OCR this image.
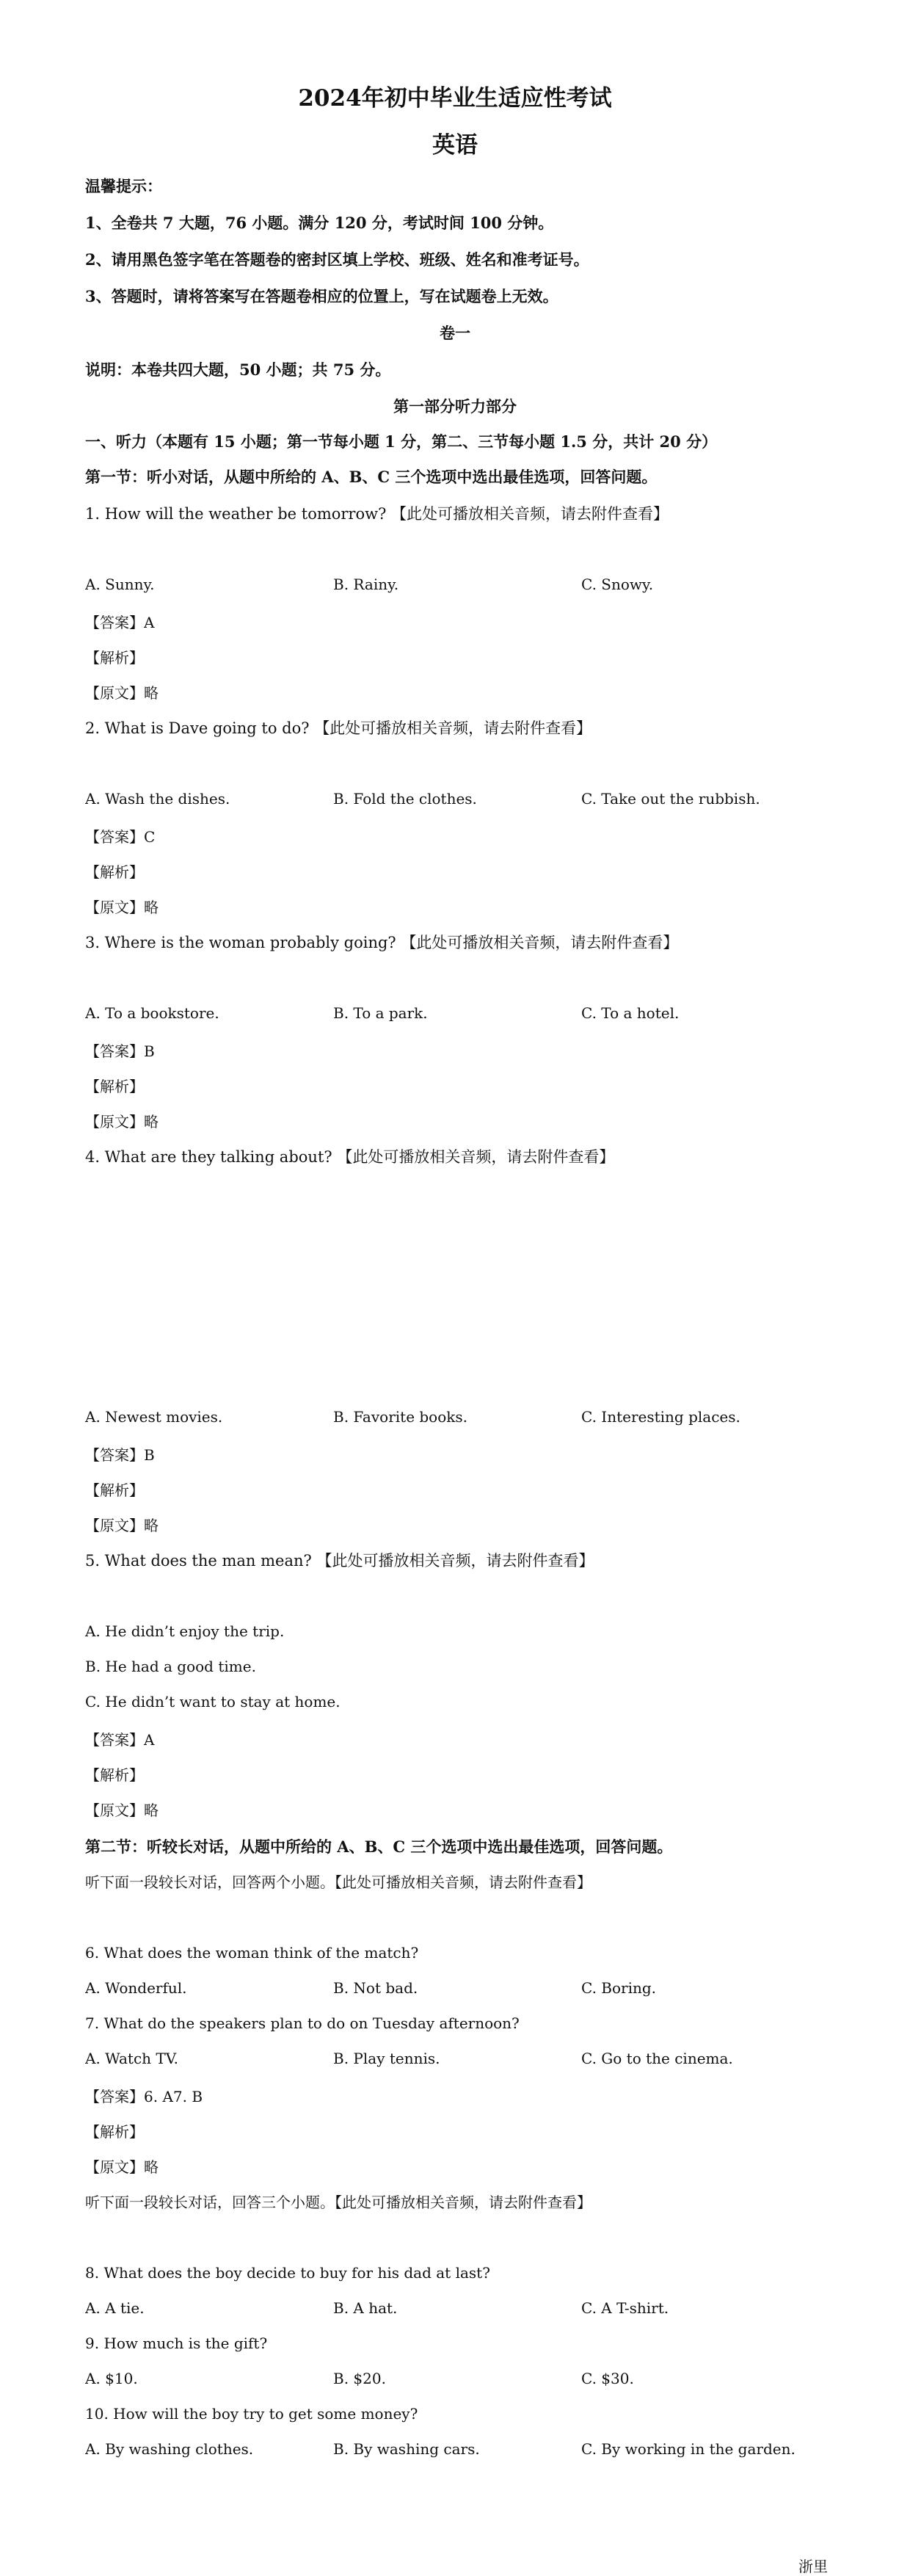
2024年初中毕业生适应性考试
英语
温馨提示：
1、全卷共 7 大题，76 小题。满分 120 分，考试时间 100 分钟。
2、请用黑色签字笔在答题卷的密封区填上学校、班级、姓名和准考证号。
3、答题时，请将答案写在答题卷相应的位置上，写在试题卷上无效。
卷一
说明：本卷共四大题，50 小题；共 75 分。
第一部分听力部分
一、听力（本题有 15 小题；第一节每小题 1 分，第二、三节每小题 1.5 分，共计 20 分）
第一节：听小对话，从题中所给的 A、B、C 三个选项中选出最佳选项，回答问题。
1. How will the weather be tomorrow? 【此处可播放相关音频，请去附件查看】
A. Sunny.	B. Rainy.	C. Snowy.
【答案】A
【解析】
【原文】略
2. What is Dave going to do? 【此处可播放相关音频，请去附件查看】
A. Wash the dishes.	B. Fold the clothes.	C. Take out the rubbish.
【答案】C
【解析】
【原文】略
3. Where is the woman probably going? 【此处可播放相关音频，请去附件查看】
A. To a bookstore.	B. To a park.	C. To a hotel.
【答案】B
【解析】
【原文】略
4. What are they talking about? 【此处可播放相关音频，请去附件查看】
A. Newest movies.	B. Favorite books.	C. Interesting places.
【答案】B
【解析】
【原文】略
5. What does the man mean? 【此处可播放相关音频，请去附件查看】
A. He didn’t enjoy the trip.
B. He had a good time.
C. He didn’t want to stay at home.
【答案】A
【解析】
【原文】略
第二节：听较长对话，从题中所给的 A、B、C 三个选项中选出最佳选项，回答问题。
听下面一段较长对话，回答两个小题。【此处可播放相关音频，请去附件查看】
6. What does the woman think of the match?
A. Wonderful.	B. Not bad.	C. Boring.
7. What do the speakers plan to do on Tuesday afternoon?
A. Watch TV.	B. Play tennis.	C. Go to the cinema.
【答案】6. A7. B
【解析】
【原文】略
听下面一段较长对话，回答三个小题。【此处可播放相关音频，请去附件查看】
8. What does the boy decide to buy for his dad at last?
A. A tie.	B. A hat.	C. A T-shirt.
9. How much is the gift?
A. $10.	B. $20.	C. $30.
10. How will the boy try to get some money?
A. By washing clothes.	B. By washing cars.	C. By working in the garden.
浙里
